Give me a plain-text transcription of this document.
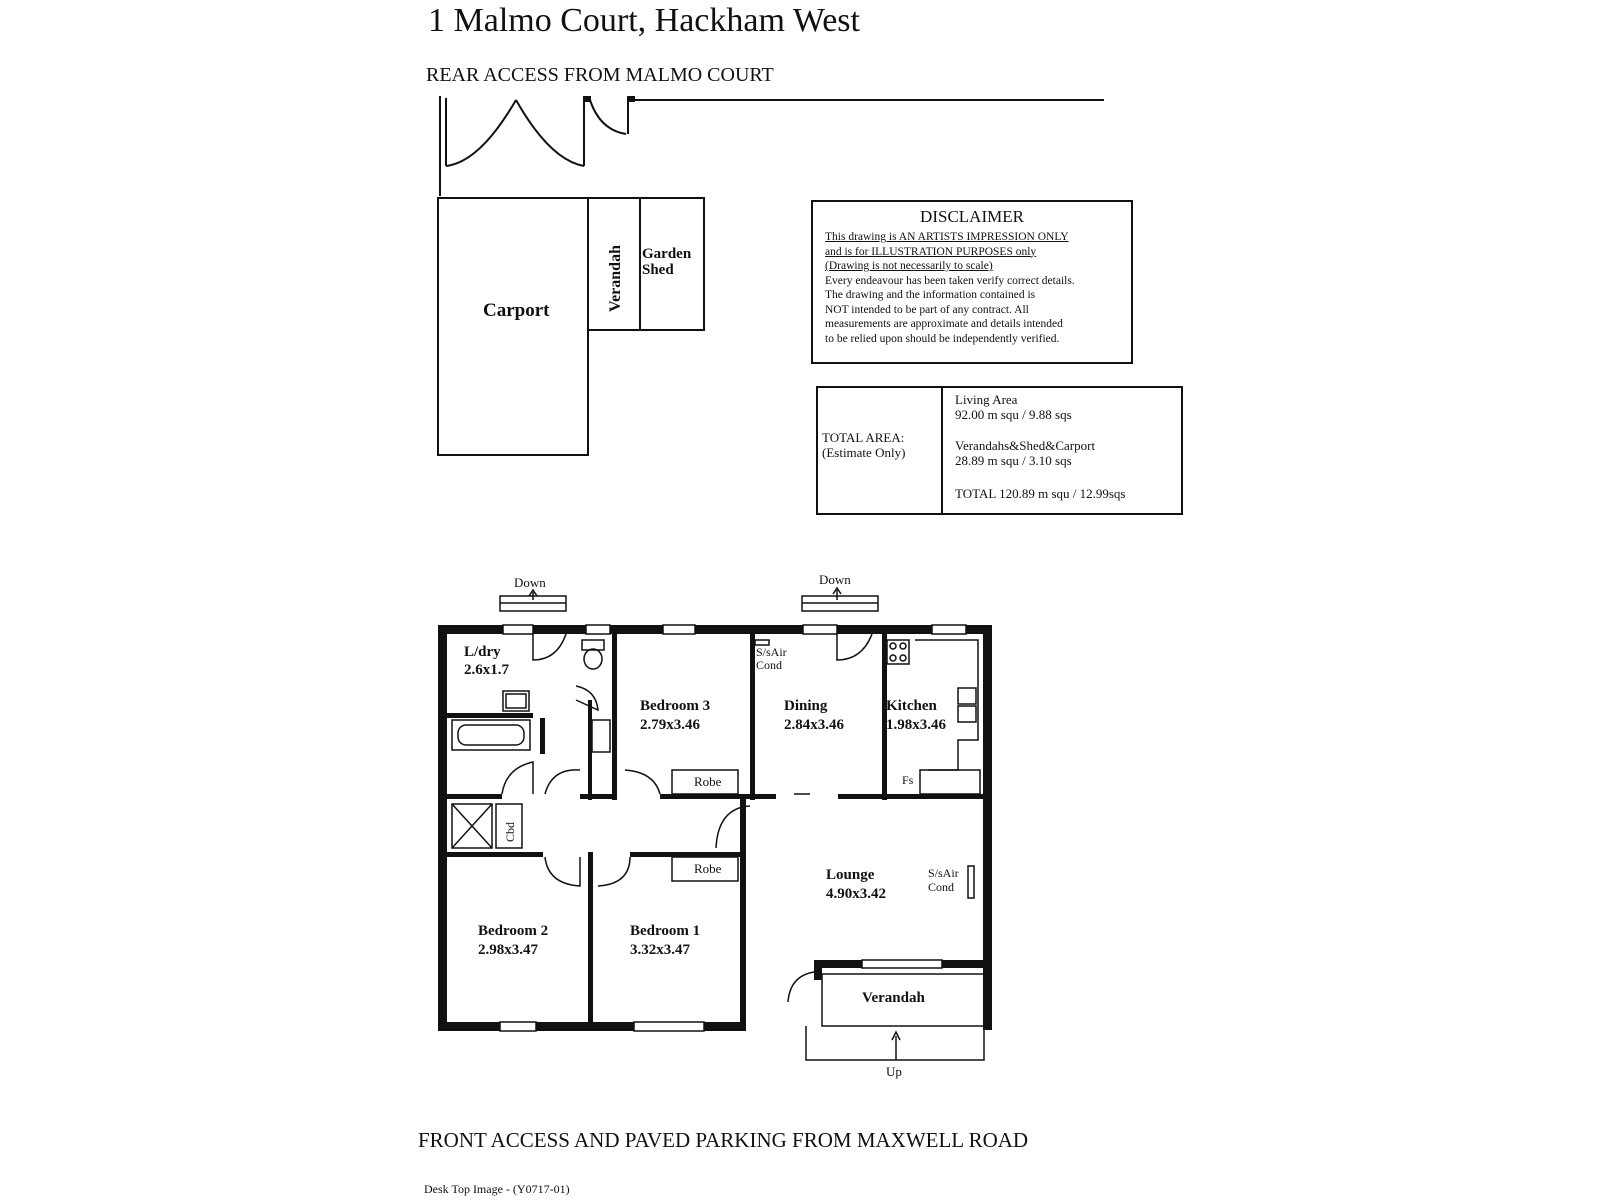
1 Malmo Court, Hackham West
REAR ACCESS FROM MALMO COURT
Verandah
Cbd
Carport
Garden
Shed
DISCLAIMER
This drawing is AN ARTISTS IMPRESSION ONLY
and is for ILLUSTRATION PURPOSES only
(Drawing is not necessarily to scale)
Every endeavour has been taken verify correct details.
The drawing and the information contained is
NOT intended to be part of any contract. All
measurements are approximate and details intended
to be relied upon should be independently verified.
TOTAL AREA:
(Estimate Only)
Living Area
92.00 m squ / 9.88 sqs
Verandahs&Shed&Carport
28.89 m squ / 3.10 sqs
TOTAL 120.89 m squ / 12.99sqs
Down	Down
Up
Robe
Robe
Fs
S/sAir
Cond
S/sAir
Cond
L/dry
2.6x1.7
Bedroom 3
2.79x3.46
Dining
2.84x3.46
Kitchen
1.98x3.46
Lounge
4.90x3.42
Bedroom 2
2.98x3.47
Bedroom 1
3.32x3.47
Verandah
FRONT ACCESS AND PAVED PARKING FROM MAXWELL ROAD
Desk Top Image - (Y0717-01)
